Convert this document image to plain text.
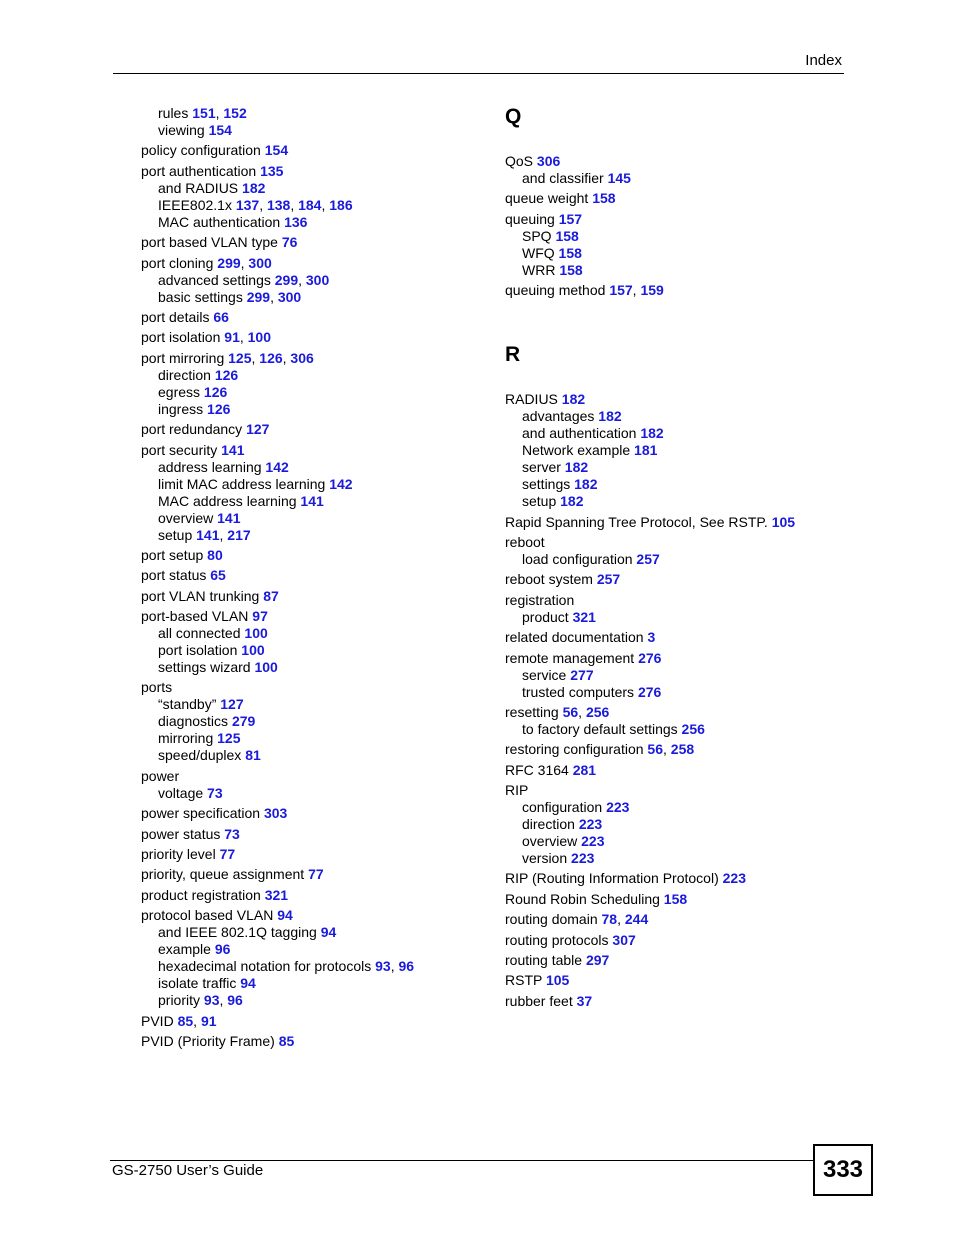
Index
rules 151, 152
viewing 154
policy configuration 154
port authentication 135
and RADIUS 182
IEEE802.1x 137, 138, 184, 186
MAC authentication 136
port based VLAN type 76
port cloning 299, 300
advanced settings 299, 300
basic settings 299, 300
port details 66
port isolation 91, 100
port mirroring 125, 126, 306
direction 126
egress 126
ingress 126
port redundancy 127
port security 141
address learning 142
limit MAC address learning 142
MAC address learning 141
overview 141
setup 141, 217
port setup 80
port status 65
port VLAN trunking 87
port-based VLAN 97
all connected 100
port isolation 100
settings wizard 100
ports
“standby” 127
diagnostics 279
mirroring 125
speed/duplex 81
power
voltage 73
power specification 303
power status 73
priority level 77
priority, queue assignment 77
product registration 321
protocol based VLAN 94
and IEEE 802.1Q tagging 94
example 96
hexadecimal notation for protocols 93, 96
isolate traffic 94
priority 93, 96
PVID 85, 91
PVID (Priority Frame) 85
Q
QoS 306
and classifier 145
queue weight 158
queuing 157
SPQ 158
WFQ 158
WRR 158
queuing method 157, 159
R
RADIUS 182
advantages 182
and authentication 182
Network example 181
server 182
settings 182
setup 182
Rapid Spanning Tree Protocol, See RSTP. 105
reboot
load configuration 257
reboot system 257
registration
product 321
related documentation 3
remote management 276
service 277
trusted computers 276
resetting 56, 256
to factory default settings 256
restoring configuration 56, 258
RFC 3164 281
RIP
configuration 223
direction 223
overview 223
version 223
RIP (Routing Information Protocol) 223
Round Robin Scheduling 158
routing domain 78, 244
routing protocols 307
routing table 297
RSTP 105
rubber feet 37
GS-2750 User’s Guide	333
